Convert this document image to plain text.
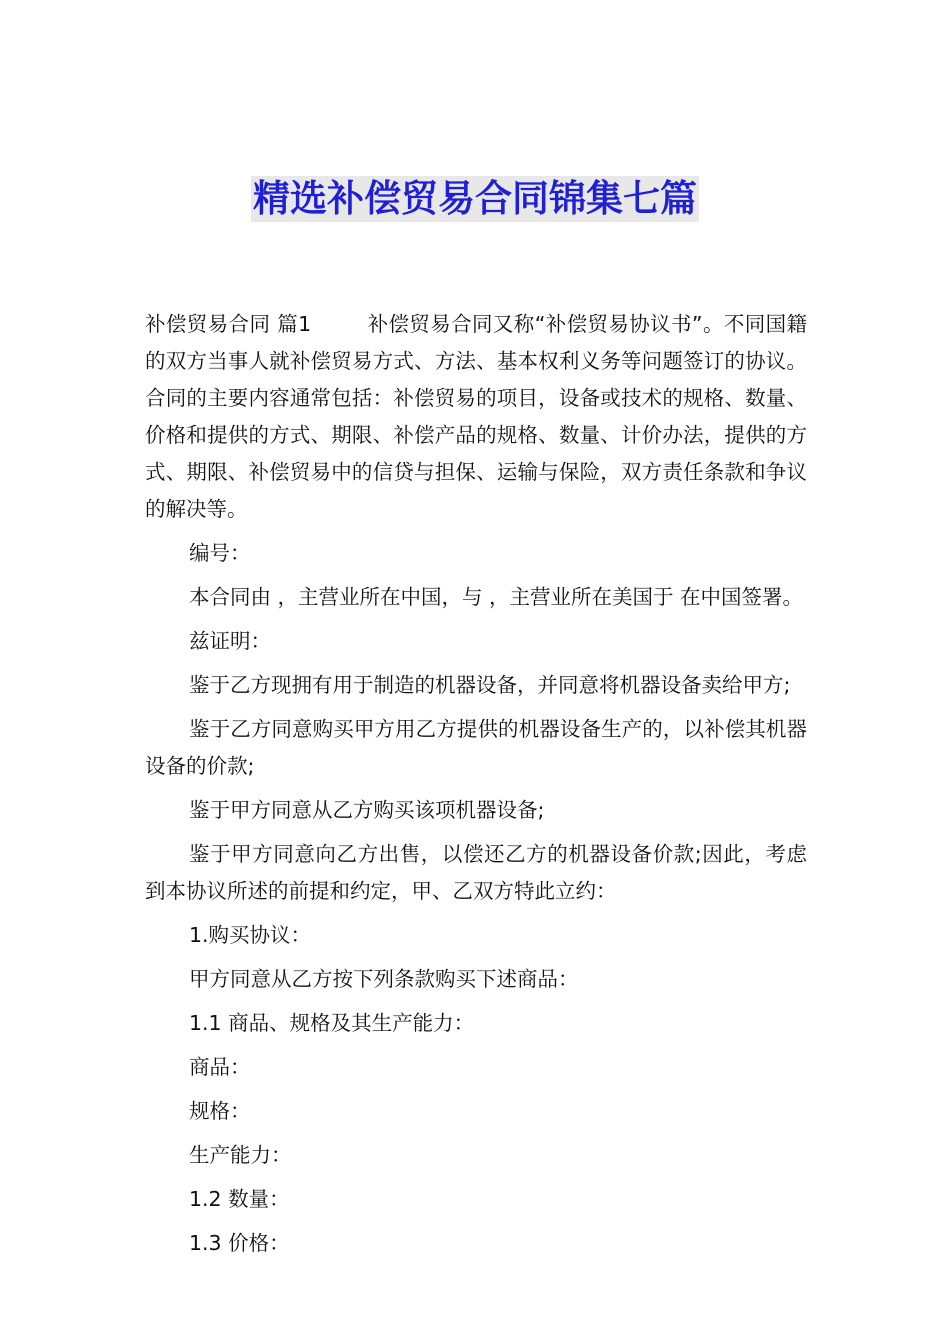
精选补偿贸易合同锦集七篇

补偿贸易合同 篇1	补偿贸易合同又称“补偿贸易协议书”。不同国籍的双方当事人就补偿贸易方式、方法、基本权利义务等问题签订的协议。合同的主要内容通常包括：补偿贸易的项目，设备或技术的规格、数量、价格和提供的方式、期限、补偿产品的规格、数量、计价办法，提供的方式、期限、补偿贸易中的信贷与担保、运输与保险，双方责任条款和争议的解决等。

编号：

本合同由 ，主营业所在中国，与 ，主营业所在美国于 在中国签署。

兹证明：

鉴于乙方现拥有用于制造的机器设备，并同意将机器设备卖给甲方;

鉴于乙方同意购买甲方用乙方提供的机器设备生产的，以补偿其机器设备的价款;

鉴于甲方同意从乙方购买该项机器设备;

鉴于甲方同意向乙方出售，以偿还乙方的机器设备价款;因此，考虑到本协议所述的前提和约定，甲、乙双方特此立约：

1.购买协议：

甲方同意从乙方按下列条款购买下述商品：

1.1 商品、规格及其生产能力：

商品：

规格：

生产能力：

1.2 数量：

1.3 价格：
